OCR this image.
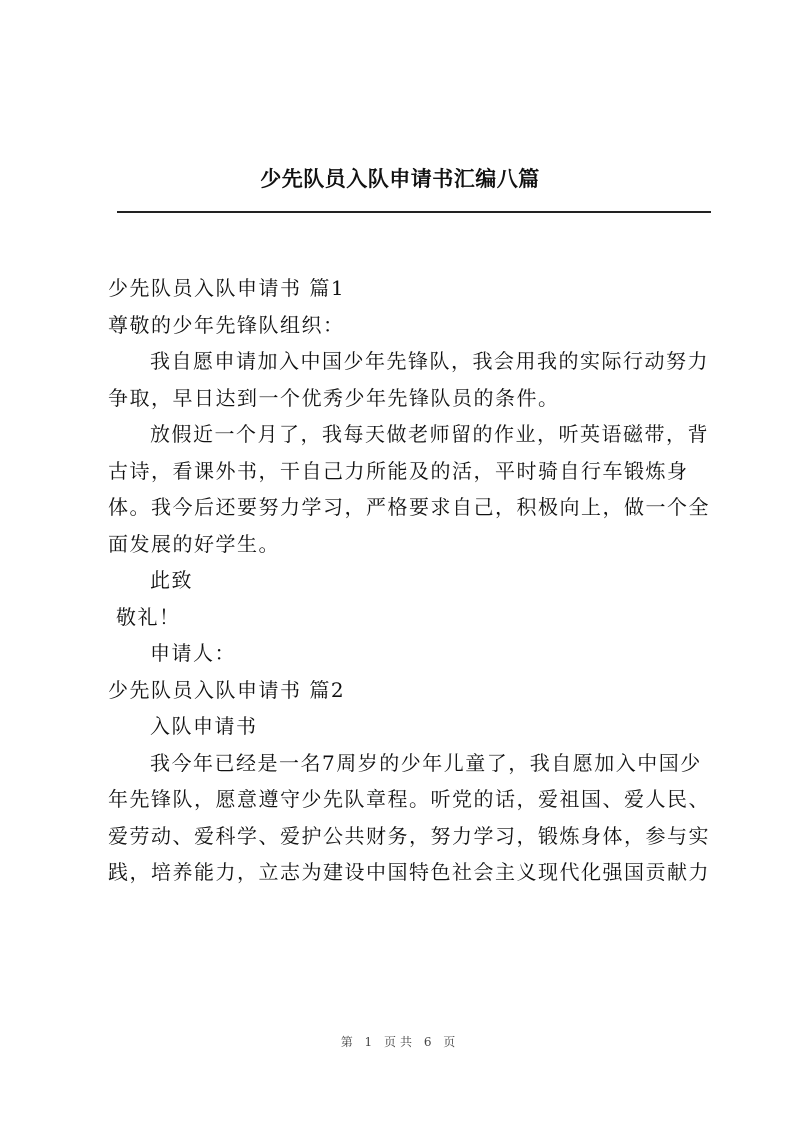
少先队员入队申请书汇编八篇

少先队员入队申请书 篇1

尊敬的少年先锋队组织：

我自愿申请加入中国少年先锋队，我会用我的实际行动努力争取，早日达到一个优秀少年先锋队员的条件。

放假近一个月了，我每天做老师留的作业，听英语磁带，背古诗，看课外书，干自己力所能及的活，平时骑自行车锻炼身体。我今后还要努力学习，严格要求自己，积极向上，做一个全面发展的好学生。

此致

敬礼！

申请人：

少先队员入队申请书 篇2

入队申请书

我今年已经是一名7周岁的少年儿童了，我自愿加入中国少年先锋队，愿意遵守少先队章程。听党的话，爱祖国、爱人民、爱劳动、爱科学、爱护公共财务，努力学习，锻炼身体，参与实践，培养能力，立志为建设中国特色社会主义现代化强国贡献力

第 1 页共 6 页
